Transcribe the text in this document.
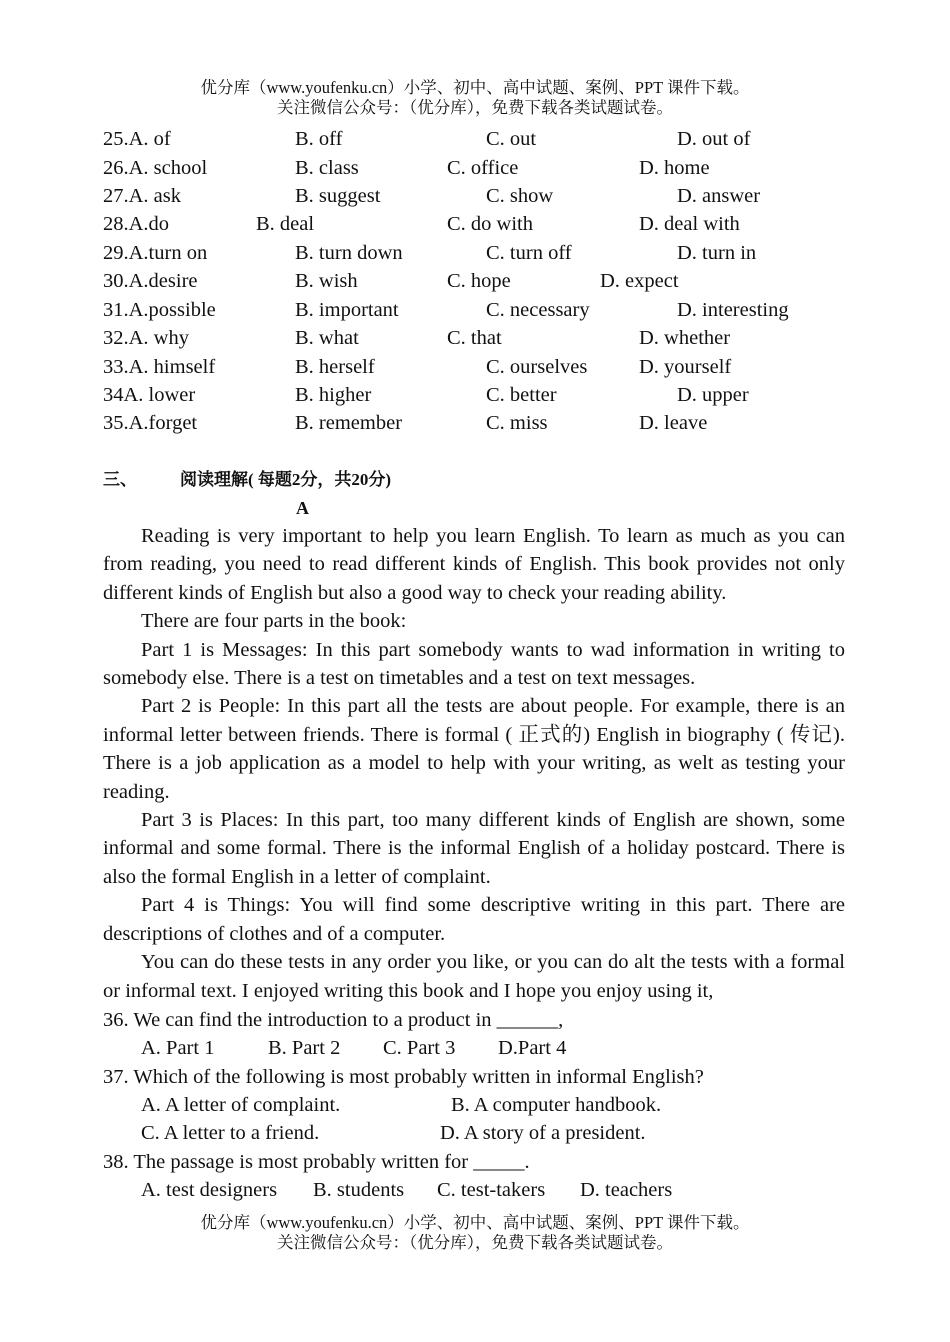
优分库（www.youfenku.cn）小学、初中、高中试题、案例、PPT 课件下载。
关注微信公众号：（优分库），免费下载各类试题试卷。
25.A. of	B. off	C. out	D. out of
26.A. school	B. class	C. office	D. home
27.A. ask	B. suggest	C. show	D. answer
28.A.do	B. deal	C. do with	D. deal with
29.A.turn on	B. turn down	C. turn off	D. turn in
30.A.desire	B. wish	C. hope	D. expect
31.A.possible	B. important	C. necessary	D. interesting
32.A. why	B. what	C. that	D. whether
33.A. himself	B. herself	C. ourselves	D. yourself
34A. lower	B. higher	C. better	D. upper
35.A.forget	B. remember	C. miss	D. leave
三、	阅读理解( 每题2分，共20分)
A

Reading is very important to help you learn English. To learn as much as you can from reading, you need to read different kinds of English. This book provides not only different kinds of English but also a good way to check your reading ability.

There are four parts in the book:

Part 1 is Messages: In this part somebody wants to wad information in writing to somebody else. There is a test on timetables and a test on text messages.

Part 2 is People: In this part all the tests are about people. For example, there is an informal letter between friends. There is formal ( 正式的) English in biography ( 传记). There is a job application as a model to help with your writing, as welt as testing your reading.

Part 3 is Places: In this part, too many different kinds of English are shown, some informal and some formal. There is the informal English of a holiday postcard. There is also the formal English in a letter of complaint.

Part 4 is Things: You will find some descriptive writing in this part. There are descriptions of clothes and of a computer.

You can do these tests in any order you like, or you can do alt the tests with a formal or informal text. I enjoyed writing this book and I hope you enjoy using it,

36. We can find the introduction to a product in ______,
A. Part 1	B. Part 2 C. Part 3 D.Part 4
37. Which of the following is most probably written in informal English?
A. A letter of complaint.	B. A computer handbook.
C. A letter to a friend.	D. A story of a president.
38. The passage is most probably written for _____.
A. test designers B. students C. test-takers D. teachers
优分库（www.youfenku.cn）小学、初中、高中试题、案例、PPT 课件下载。
关注微信公众号：（优分库），免费下载各类试题试卷。
